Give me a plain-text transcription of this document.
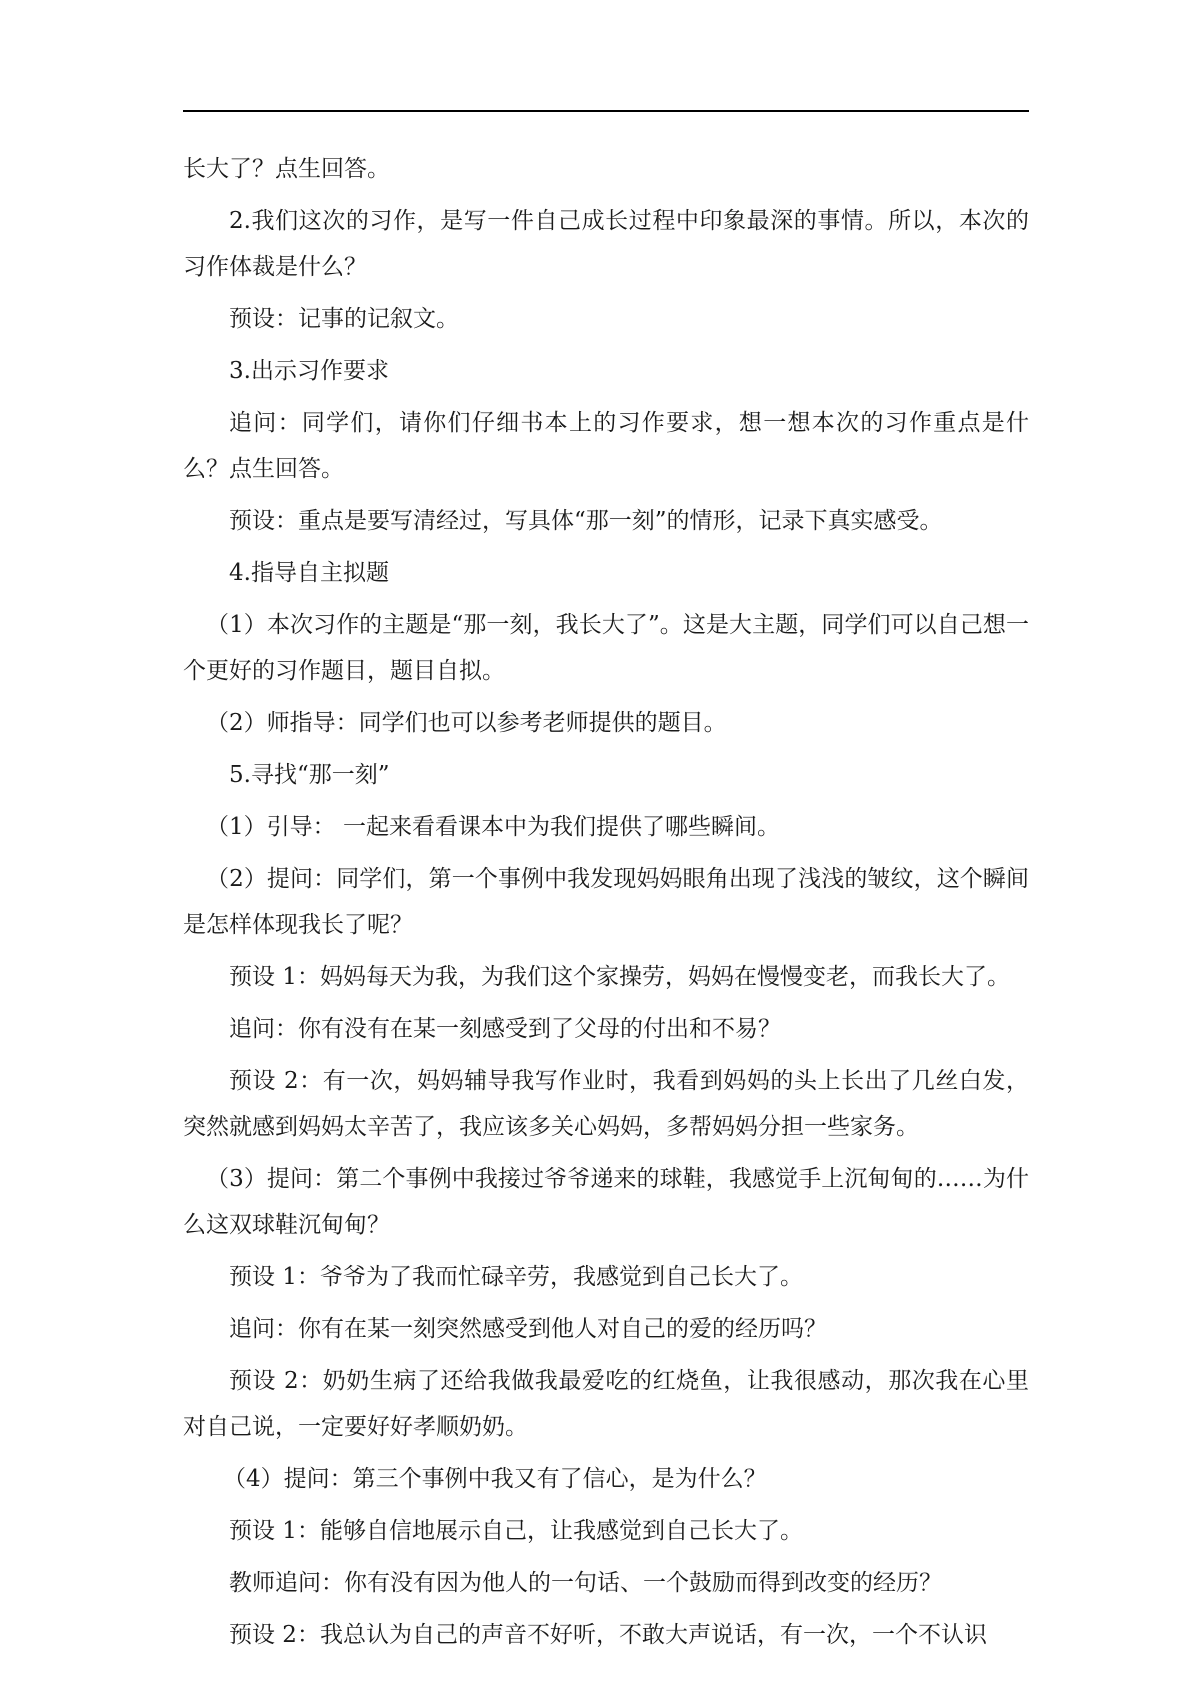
长大了？点生回答。

2.我们这次的习作，是写一件自己成长过程中印象最深的事情。所以，本次的习作体裁是什么？

预设：记事的记叙文。

3.出示习作要求

追问：同学们，请你们仔细书本上的习作要求，想一想本次的习作重点是什么？点生回答。

预设：重点是要写清经过，写具体“那一刻”的情形，记录下真实感受。

4.指导自主拟题

（1）本次习作的主题是“那一刻，我长大了”。这是大主题，同学们可以自己想一个更好的习作题目，题目自拟。

（2）师指导：同学们也可以参考老师提供的题目。

5.寻找“那一刻”

（1）引导： 一起来看看课本中为我们提供了哪些瞬间。

（2）提问：同学们，第一个事例中我发现妈妈眼角出现了浅浅的皱纹，这个瞬间是怎样体现我长了呢？

预设 1：妈妈每天为我，为我们这个家操劳，妈妈在慢慢变老，而我长大了。

追问：你有没有在某一刻感受到了父母的付出和不易？

预设 2：有一次，妈妈辅导我写作业时，我看到妈妈的头上长出了几丝白发，突然就感到妈妈太辛苦了，我应该多关心妈妈，多帮妈妈分担一些家务。

（3）提问：第二个事例中我接过爷爷递来的球鞋，我感觉手上沉甸甸的……为什么这双球鞋沉甸甸？

预设 1：爷爷为了我而忙碌辛劳，我感觉到自己长大了。

追问：你有在某一刻突然感受到他人对自己的爱的经历吗？

预设 2：奶奶生病了还给我做我最爱吃的红烧鱼，让我很感动，那次我在心里对自己说，一定要好好孝顺奶奶。

（4）提问：第三个事例中我又有了信心，是为什么？

预设 1：能够自信地展示自己，让我感觉到自己长大了。

教师追问：你有没有因为他人的一句话、一个鼓励而得到改变的经历？

预设 2：我总认为自己的声音不好听，不敢大声说话，有一次，一个不认识
